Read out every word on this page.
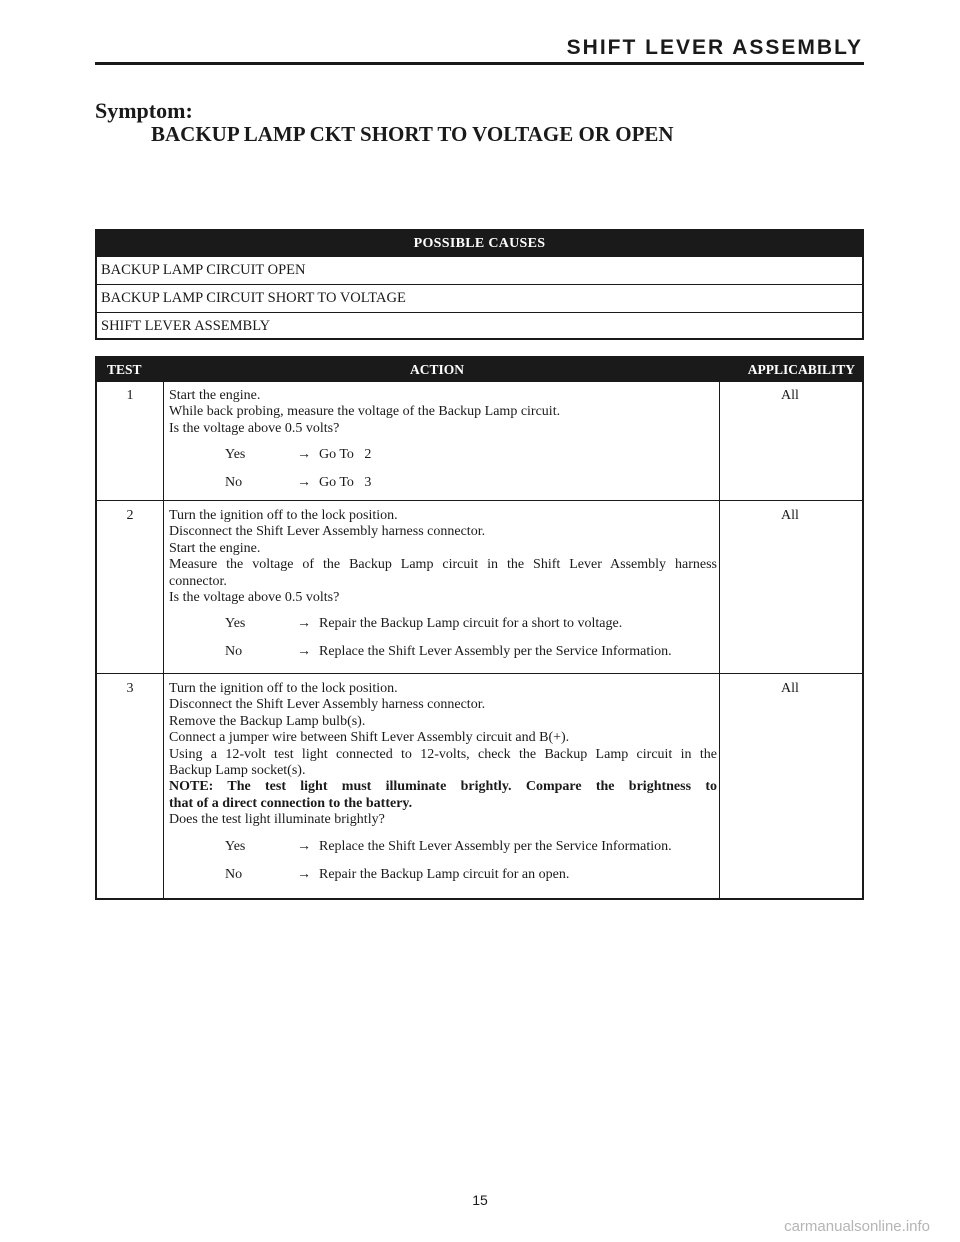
SHIFT LEVER ASSEMBLY
Symptom:
BACKUP LAMP CKT SHORT TO VOLTAGE OR OPEN
POSSIBLE CAUSES
BACKUP LAMP CIRCUIT OPEN
BACKUP LAMP CIRCUIT SHORT TO VOLTAGE
SHIFT LEVER ASSEMBLY
TEST	ACTION	APPLICABILITY
1	Start the engine.
While back probing, measure the voltage of the Backup Lamp circuit.
Is the voltage above 0.5 volts?
Yes	→ Go To   2
No	→ Go To   3
All
2	Turn the ignition off to the lock position.
Disconnect the Shift Lever Assembly harness connector.
Start the engine.
Measure the voltage of the Backup Lamp circuit in the Shift Lever Assembly harness
connector.
Is the voltage above 0.5 volts?
Yes	→ Repair the Backup Lamp circuit for a short to voltage.
No	→ Replace the Shift Lever Assembly per the Service Information.
All
3	Turn the ignition off to the lock position.
Disconnect the Shift Lever Assembly harness connector.
Remove the Backup Lamp bulb(s).
Connect a jumper wire between Shift Lever Assembly circuit and B(+).
Using a 12-volt test light connected to 12-volts, check the Backup Lamp circuit in the
Backup Lamp socket(s).
NOTE: The test light must illuminate brightly. Compare the brightness to
that of a direct connection to the battery.
Does the test light illuminate brightly?
Yes	→ Replace the Shift Lever Assembly per the Service Information.
No	→ Repair the Backup Lamp circuit for an open.
All
15
carmanualsonline.info
